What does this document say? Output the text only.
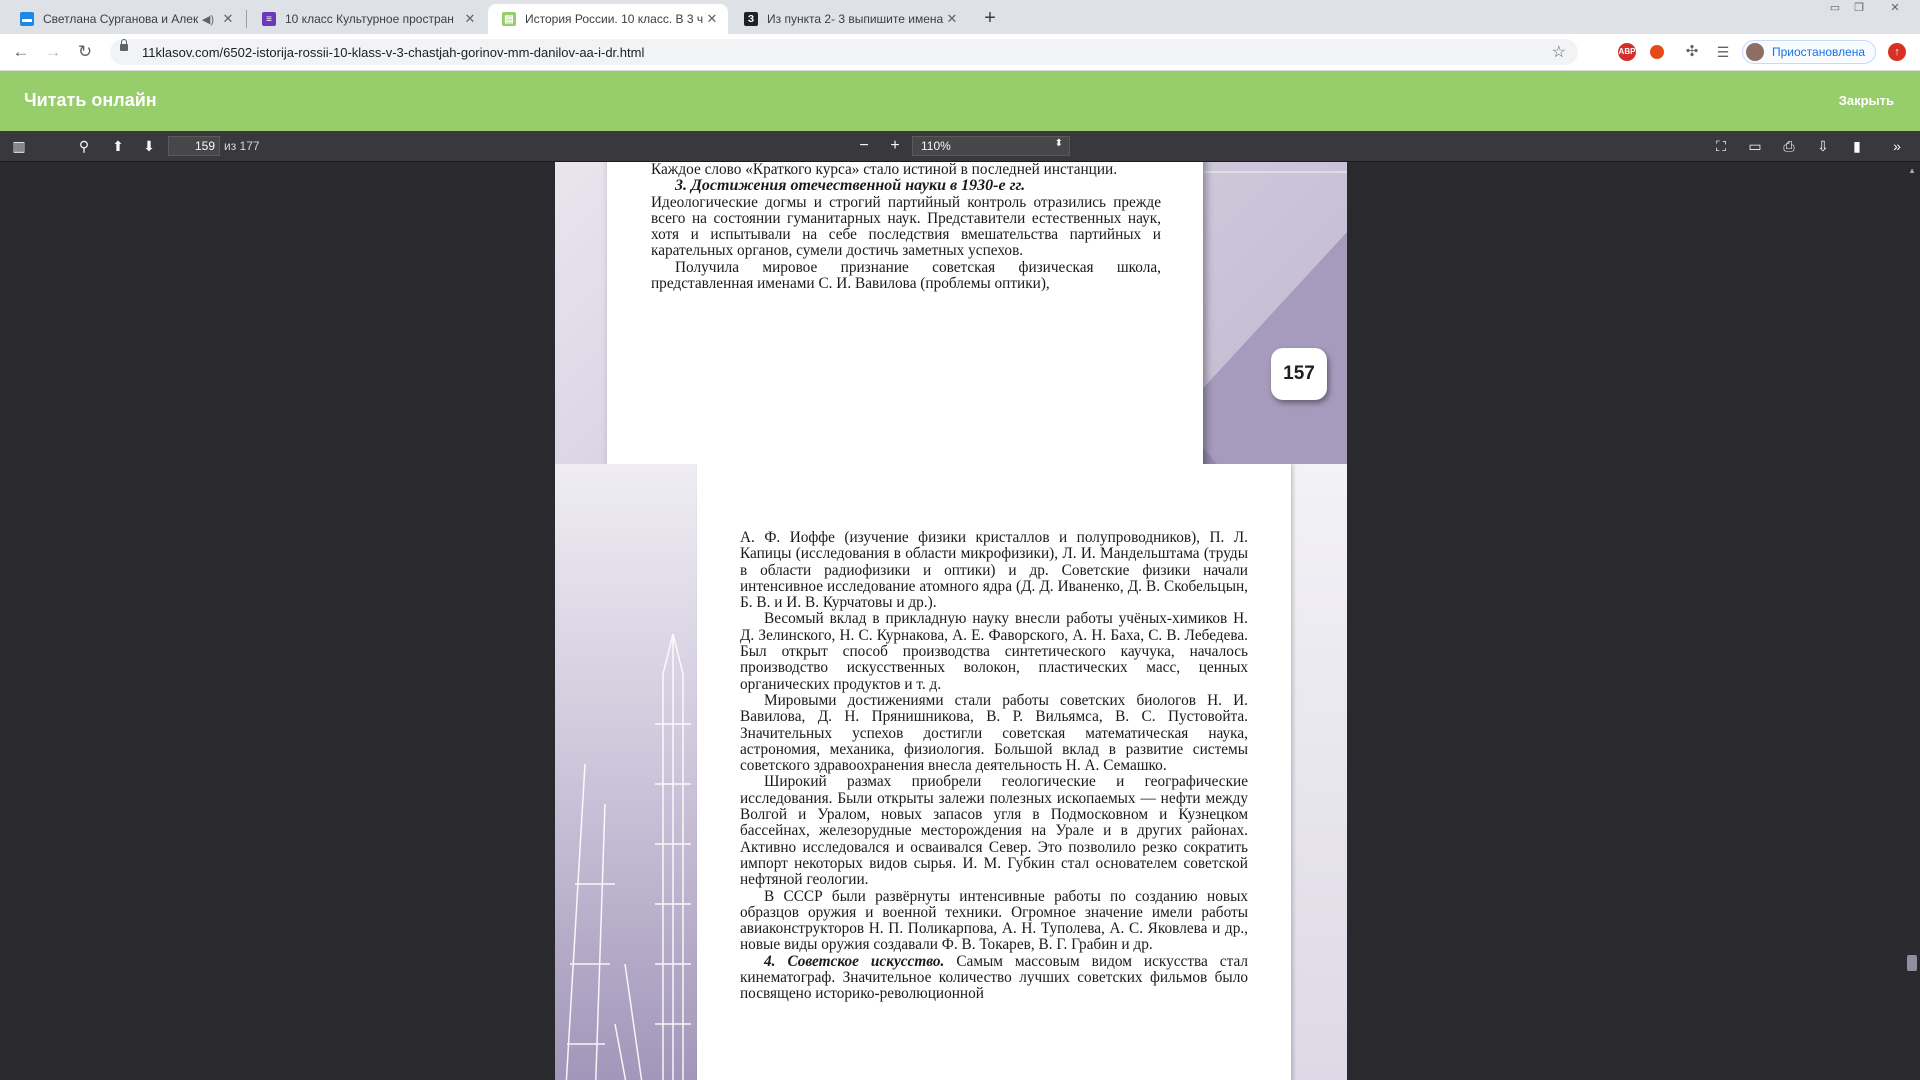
▬ Светлана Сурганова и Алек ◀) ✕	≡	10 класс Культурное простран ✕	▤ История России. 10 класс. В 3 ч ✕	З	Из пункта 2- 3 выпишите имена ✕	+	▭	❐	✕
← → ↻	11klasov.com/6502-istorija-rossii-10-klass-v-3-chastjah-gorinov-mm-danilov-aa-i-dr.html	☆	ABP	✣	☰	Приостановлена	↑
Читать онлайн	Закрыть
▥	⚲	⬆	⬇	159 из 177	−	+	110%	⬍	⛶	▭	⎙	⇩	▮	»

Каждое слово «Краткого курса» стало истиной в последней инстанции.

3. Достижения отечественной науки в 1930-е гг.

Идеологические догмы и строгий партийный контроль отразились прежде всего на состоянии гуманитарных наук. Представители естественных наук, хотя и испытывали на себе последствия вмешательства партийных и карательных органов, сумели достичь заметных успехов.

Получила мировое признание советская физическая школа, представленная именами С. И. Вавилова (проблемы оптики),

157

А. Ф. Иоффе (изучение физики кристаллов и полупроводников), П. Л. Капицы (исследования в области микрофизики), Л. И. Мандельштама (труды в области радиофизики и оптики) и др. Советские физики начали интенсивное исследование атомного ядра (Д. Д. Иваненко, Д. В. Скобельцын, Б. В. и И. В. Курчатовы и др.).

Весомый вклад в прикладную науку внесли работы учёных-химиков Н. Д. Зелинского, Н. С. Курнакова, А. Е. Фаворского, А. Н. Баха, С. В. Лебедева. Был открыт способ производства синтетического каучука, началось производство искусственных волокон, пластических масс, ценных органических продуктов и т. д.

Мировыми достижениями стали работы советских биологов Н. И. Вавилова, Д. Н. Прянишникова, В. Р. Вильямса, В. С. Пустовойта. Значительных успехов достигли советская математическая наука, астрономия, механика, физиология. Большой вклад в развитие системы советского здравоохранения внесла деятельность Н. А. Семашко.

Широкий размах приобрели геологические и географические исследования. Были открыты залежи полезных ископаемых — нефти между Волгой и Уралом, новых запасов угля в Подмосковном и Кузнецком бассейнах, железорудные месторождения на Урале и в других районах. Активно исследовался и осваивался Север. Это позволило резко сократить импорт некоторых видов сырья. И. М. Губкин стал основателем советской нефтяной геологии.

В СССР были развёрнуты интенсивные работы по созданию новых образцов оружия и военной техники. Огромное значение имели работы авиаконструкторов Н. П. Поликарпова, А. Н. Туполева, А. С. Яковлева и др., новые виды оружия создавали Ф. В. Токарев, В. Г. Грабин и др.

4. Советское искусство. Самым массовым видом искусства стал кинематограф. Значительное количество лучших советских фильмов было посвящено историко-революционной

▲
